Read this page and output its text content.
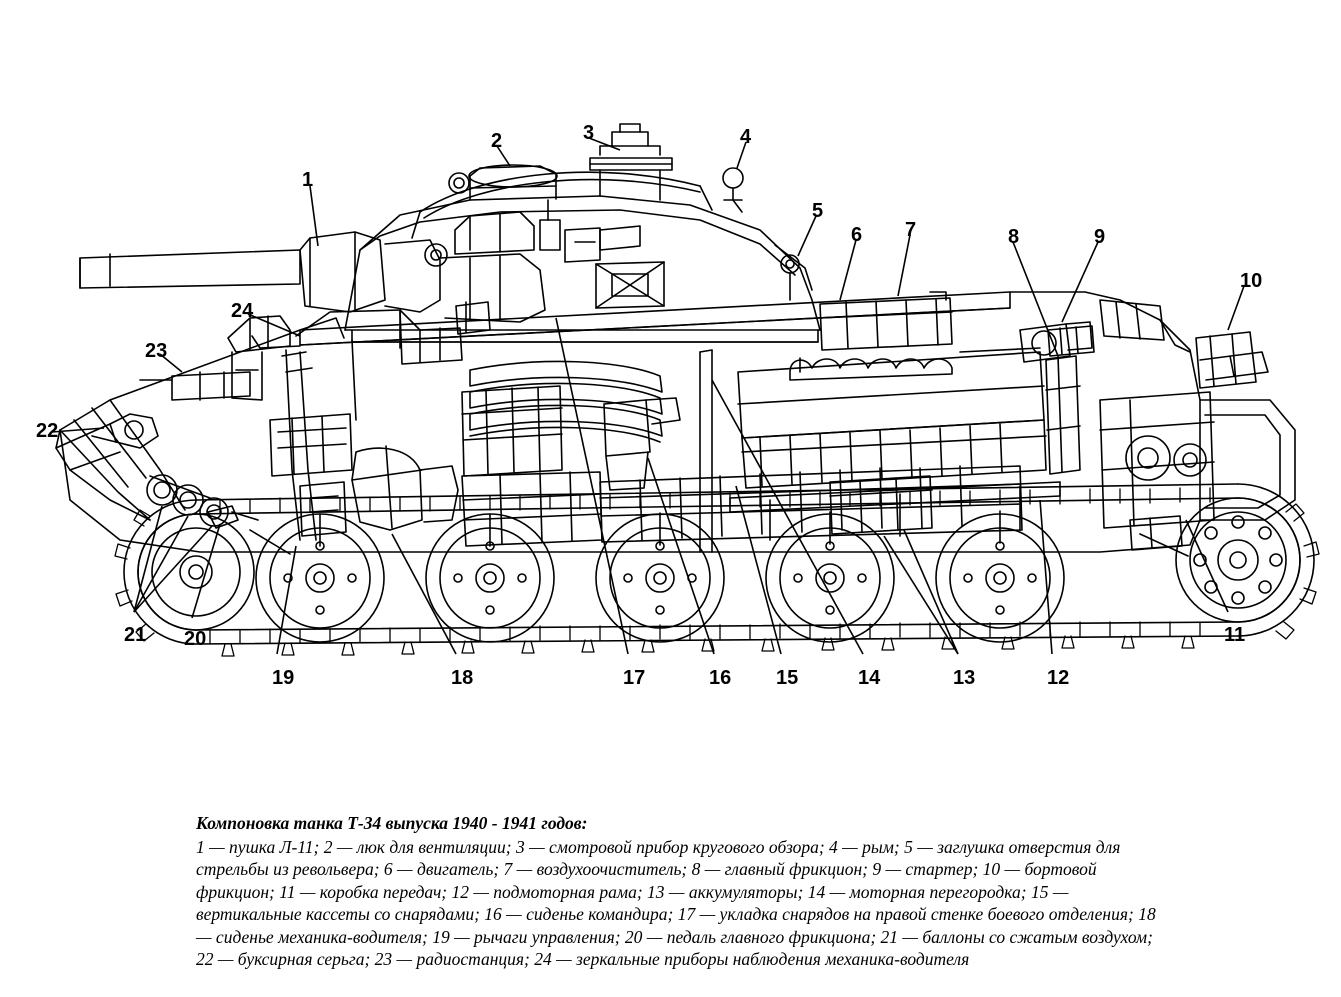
1
2	3	4
5
6 7	8	9
10
11
12
13
14
15
16
17
18
19
20
21
22
23
24

Компоновка танка Т-34 выпуска 1940 - 1941 годов:

1 — пушка Л-11; 2 — люк для вентиляции; 3 — смотровой прибор кругового обзора; 4 — рым; 5 — заглушка отверстия для стрельбы из револьвера; 6 — двигатель; 7 — воздухоочиститель; 8 — главный фрикцион; 9 — стартер; 10 — бортовой фрикцион; 11 — коробка передач; 12 — подмоторная рама; 13 — аккумуляторы; 14 — моторная перегородка; 15 — вертикальные кассеты со снарядами; 16 — сиденье командира; 17 — укладка снарядов на правой стенке боевого отделения; 18 — сиденье механика-водителя; 19 — рычаги управления; 20 — педаль главного фрикциона; 21 — баллоны со сжатым воздухом; 22 — буксирная серьга; 23 — радиостанция; 24 — зеркальные приборы наблюдения механика-водителя
